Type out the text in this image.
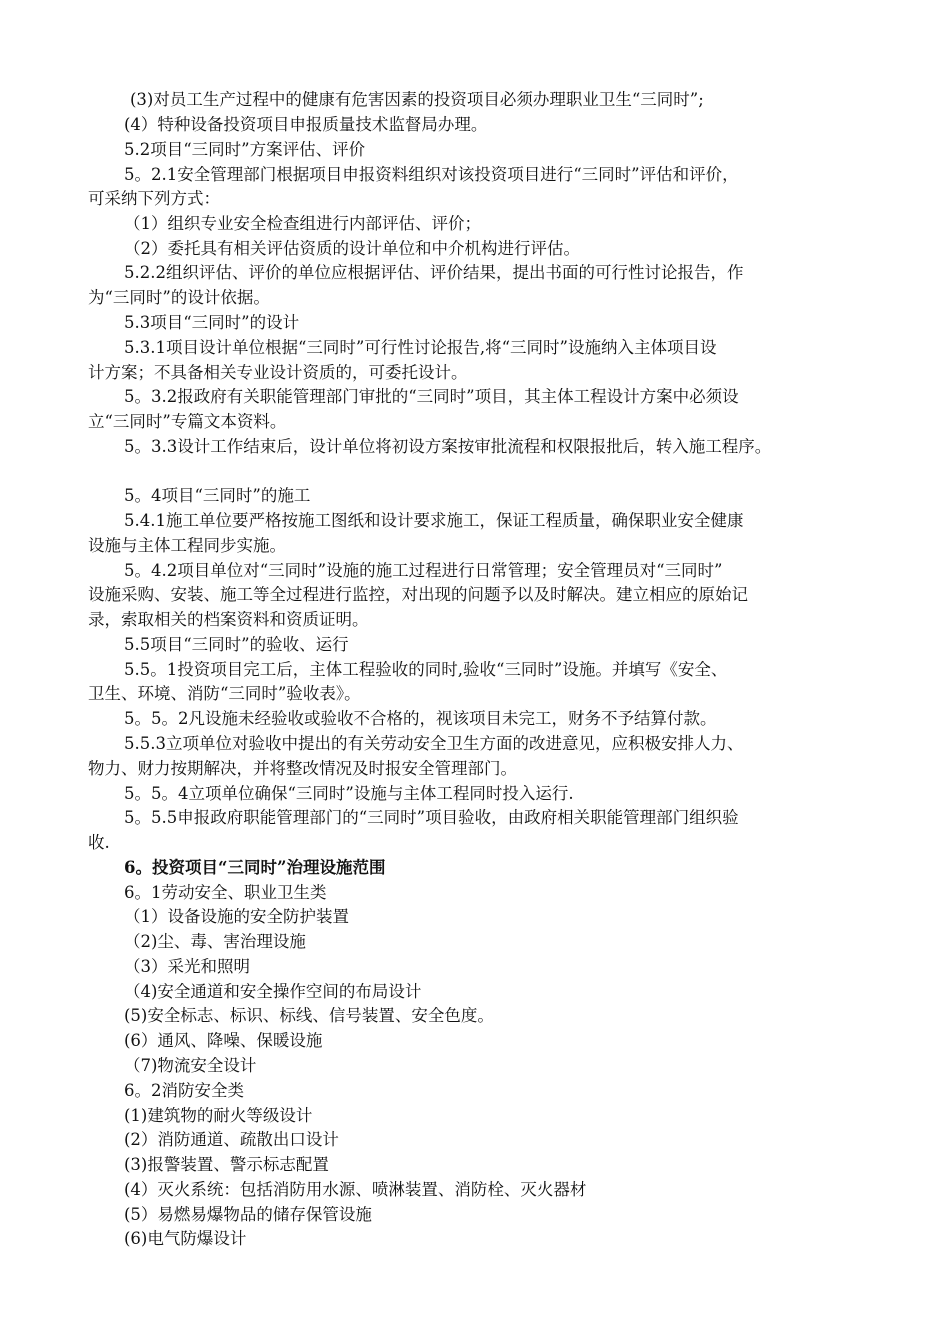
(3)对员工生产过程中的健康有危害因素的投资项目必须办理职业卫生“三同时”;
(4）特种设备投资项目申报质量技术监督局办理。
5.2项目“三同时”方案评估、评价
5。2.1安全管理部门根据项目申报资料组织对该投资项目进行“三同时”评估和评价，
可采纳下列方式：
（1）组织专业安全检查组进行内部评估、评价；
（2）委托具有相关评估资质的设计单位和中介机构进行评估。
5.2.2组织评估、评价的单位应根据评估、评价结果，提出书面的可行性讨论报告，作
为“三同时”的设计依据。
5.3项目“三同时”的设计
5.3.1项目设计单位根据“三同时”可行性讨论报告,将“三同时”设施纳入主体项目设
计方案；不具备相关专业设计资质的，可委托设计。
5。3.2报政府有关职能管理部门审批的“三同时”项目，其主体工程设计方案中必须设
立“三同时”专篇文本资料。
5。3.3设计工作结束后，设计单位将初设方案按审批流程和权限报批后，转入施工程序。
5。4项目“三同时”的施工
5.4.1施工单位要严格按施工图纸和设计要求施工，保证工程质量，确保职业安全健康
设施与主体工程同步实施。
5。4.2项目单位对“三同时”设施的施工过程进行日常管理；安全管理员对“三同时”
设施采购、安装、施工等全过程进行监控，对出现的问题予以及时解决。建立相应的原始记
录，索取相关的档案资料和资质证明。
5.5项目“三同时”的验收、运行
5.5。1投资项目完工后，主体工程验收的同时,验收“三同时”设施。并填写《安全、
卫生、环境、消防“三同时”验收表》。
5。5。2凡设施未经验收或验收不合格的，视该项目未完工，财务不予结算付款。
5.5.3立项单位对验收中提出的有关劳动安全卫生方面的改进意见，应积极安排人力、
物力、财力按期解决，并将整改情况及时报安全管理部门。
5。5。4立项单位确保“三同时”设施与主体工程同时投入运行.
5。5.5申报政府职能管理部门的“三同时”项目验收，由政府相关职能管理部门组织验
收.
6。投资项目“三同时”治理设施范围
6。1劳动安全、职业卫生类
（1）设备设施的安全防护装置
（2)尘、毒、害治理设施
（3）采光和照明
（4)安全通道和安全操作空间的布局设计
(5)安全标志、标识、标线、信号装置、安全色度。
(6）通风、降噪、保暖设施
（7)物流安全设计
6。2消防安全类
(1)建筑物的耐火等级设计
(2）消防通道、疏散出口设计
(3)报警装置、警示标志配置
(4）灭火系统：包括消防用水源、喷淋装置、消防栓、灭火器材
(5）易燃易爆物品的储存保管设施
(6)电气防爆设计
